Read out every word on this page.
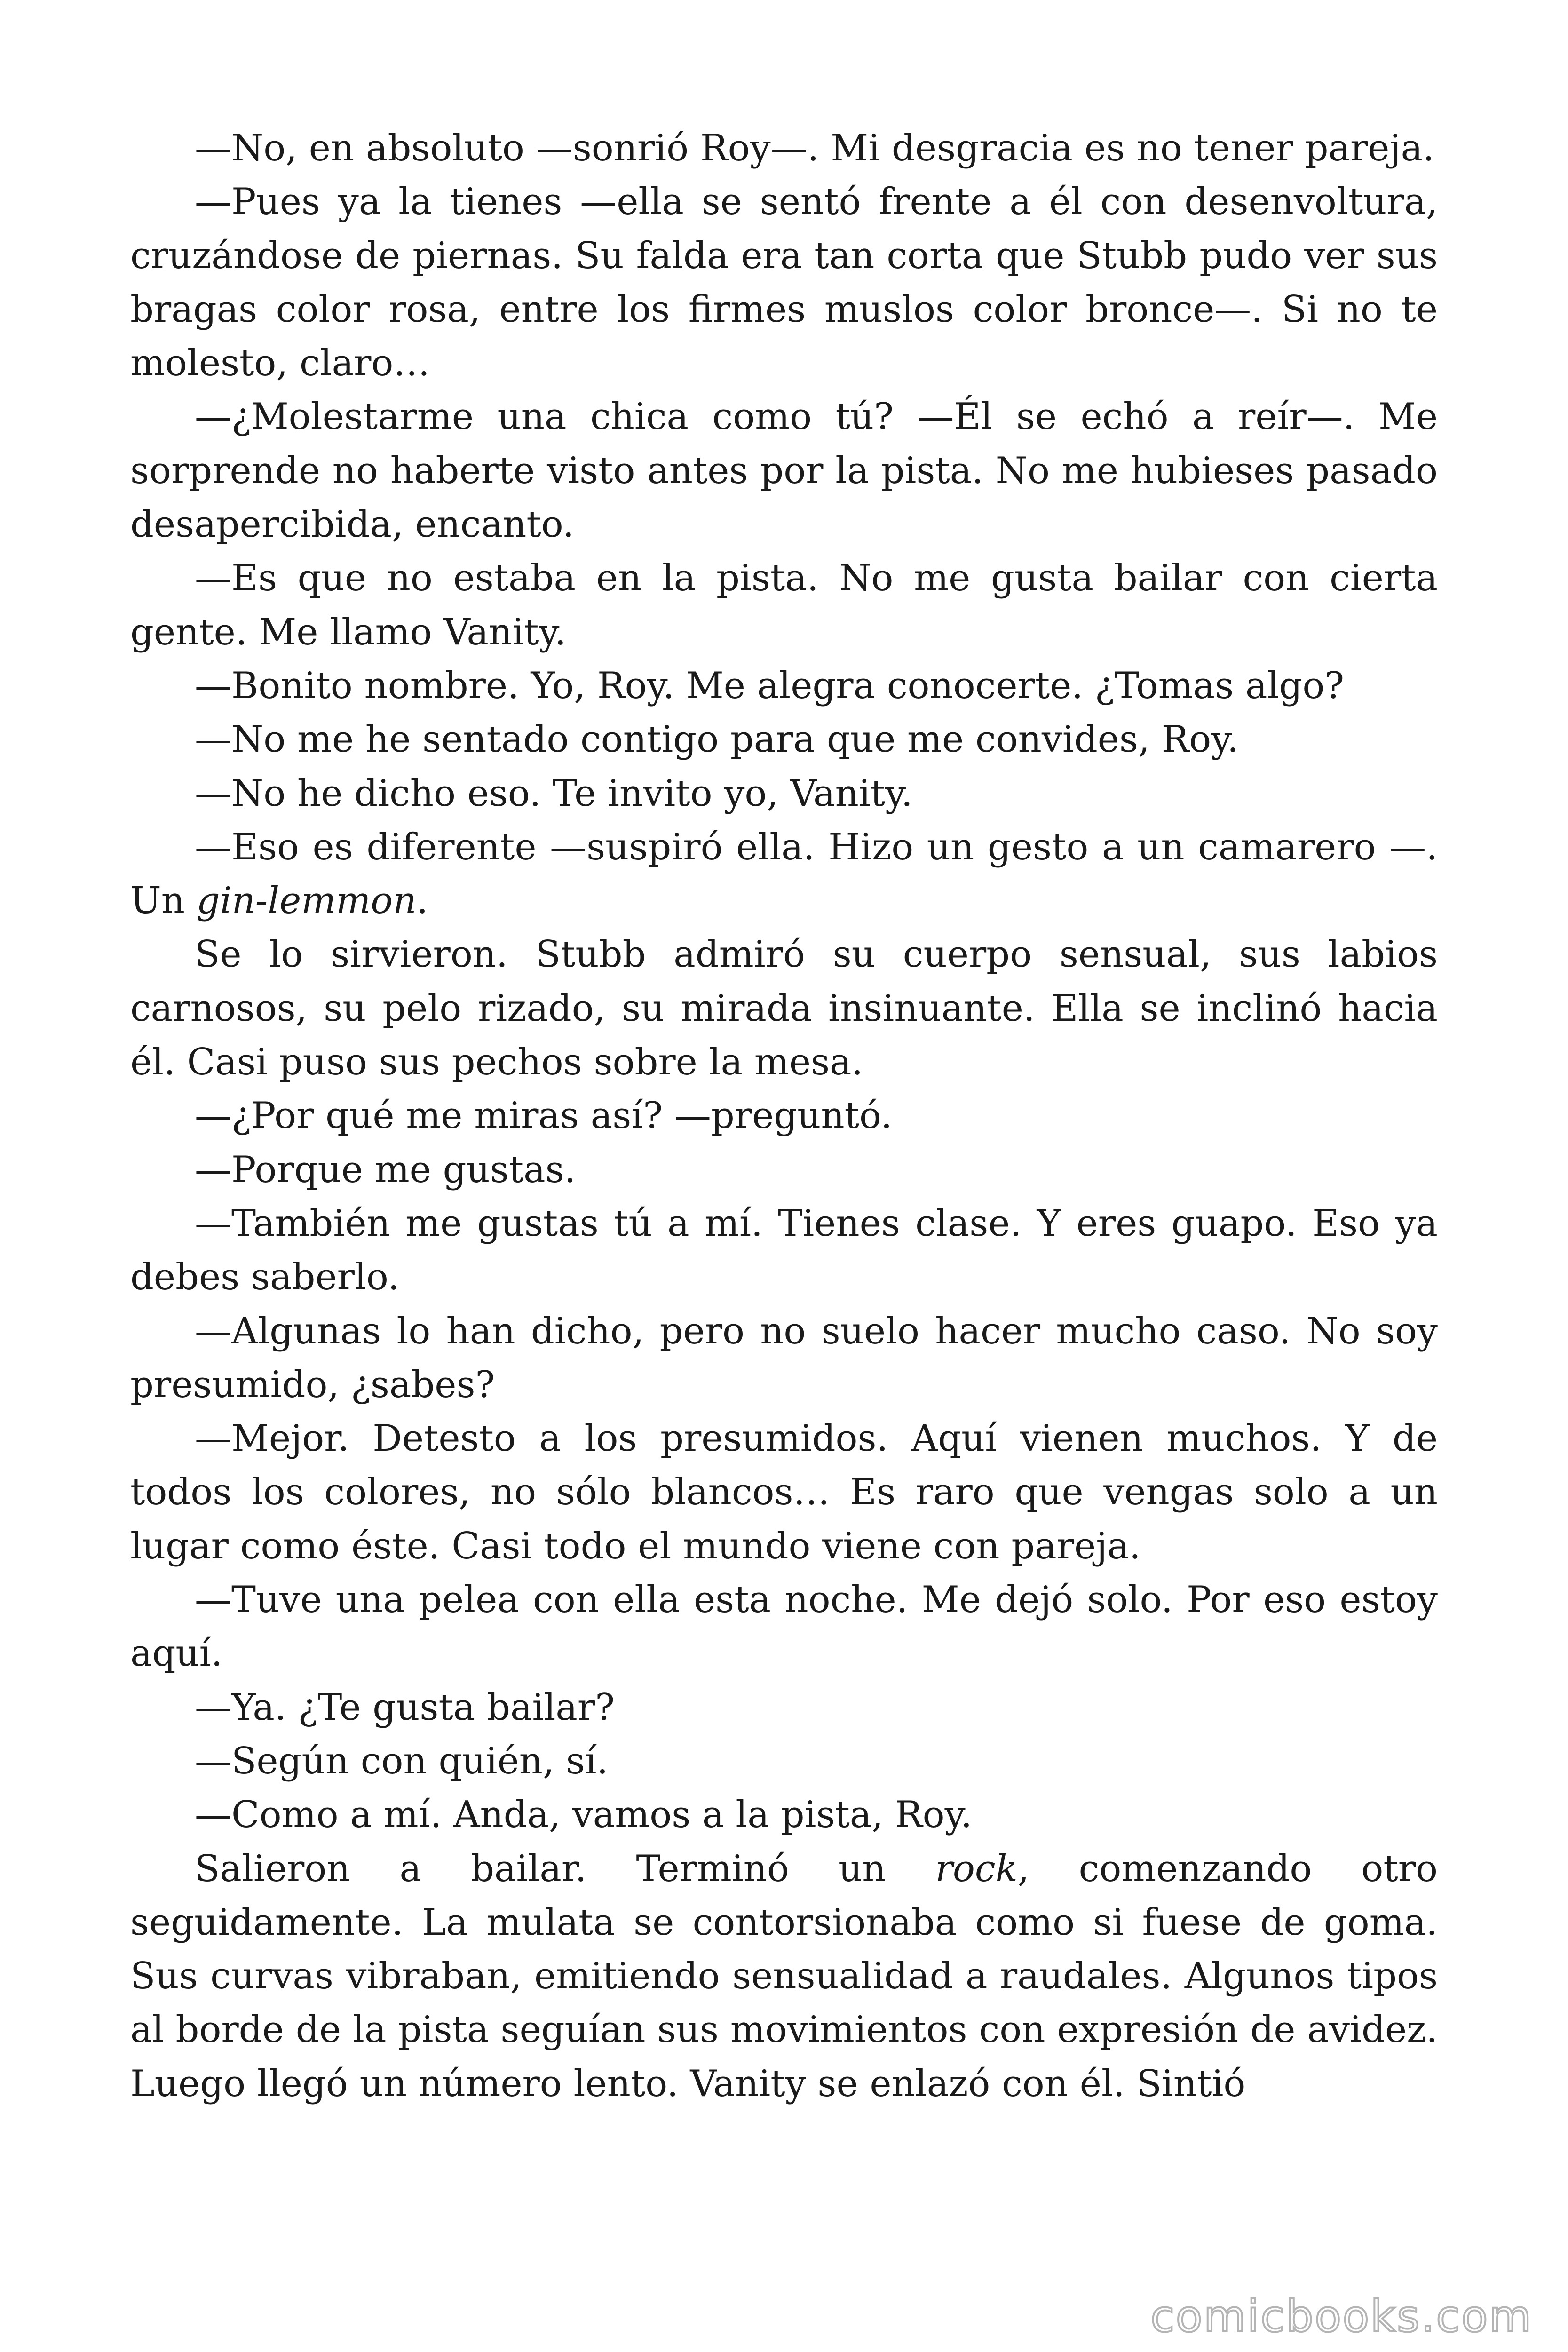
—No, en absoluto —sonrió Roy—. Mi desgracia es no tener pareja.

—Pues ya la tienes —ella se sentó frente a él con desenvoltura, cruzándose de piernas. Su falda era tan corta que Stubb pudo ver sus bragas color rosa, entre los firmes muslos color bronce—. Si no te molesto, claro…

—¿Molestarme una chica como tú? —Él se echó a reír—. Me sorprende no haberte visto antes por la pista. No me hubieses pasado desapercibida, encanto.

—Es que no estaba en la pista. No me gusta bailar con cierta gente. Me llamo Vanity.

—Bonito nombre. Yo, Roy. Me alegra conocerte. ¿Tomas algo?

—No me he sentado contigo para que me convides, Roy.

—No he dicho eso. Te invito yo, Vanity.

—Eso es diferente —suspiró ella. Hizo un gesto a un camarero —. Un gin-lemmon.

Se lo sirvieron. Stubb admiró su cuerpo sensual, sus labios carnosos, su pelo rizado, su mirada insinuante. Ella se inclinó hacia él. Casi puso sus pechos sobre la mesa.

—¿Por qué me miras así? —preguntó.

—Porque me gustas.

—También me gustas tú a mí. Tienes clase. Y eres guapo. Eso ya debes saberlo.

—Algunas lo han dicho, pero no suelo hacer mucho caso. No soy presumido, ¿sabes?

—Mejor. Detesto a los presumidos. Aquí vienen muchos. Y de todos los colores, no sólo blancos… Es raro que vengas solo a un lugar como éste. Casi todo el mundo viene con pareja.

—Tuve una pelea con ella esta noche. Me dejó solo. Por eso estoy aquí.

—Ya. ¿Te gusta bailar?

—Según con quién, sí.

—Como a mí. Anda, vamos a la pista, Roy.

Salieron a bailar. Terminó un rock, comenzando otro seguidamente. La mulata se contorsionaba como si fuese de goma. Sus curvas vibraban, emitiendo sensualidad a raudales. Algunos tipos al borde de la pista seguían sus movimientos con expresión de avidez. Luego llegó un número lento. Vanity se enlazó con él. Sintió

comicbooks.com
